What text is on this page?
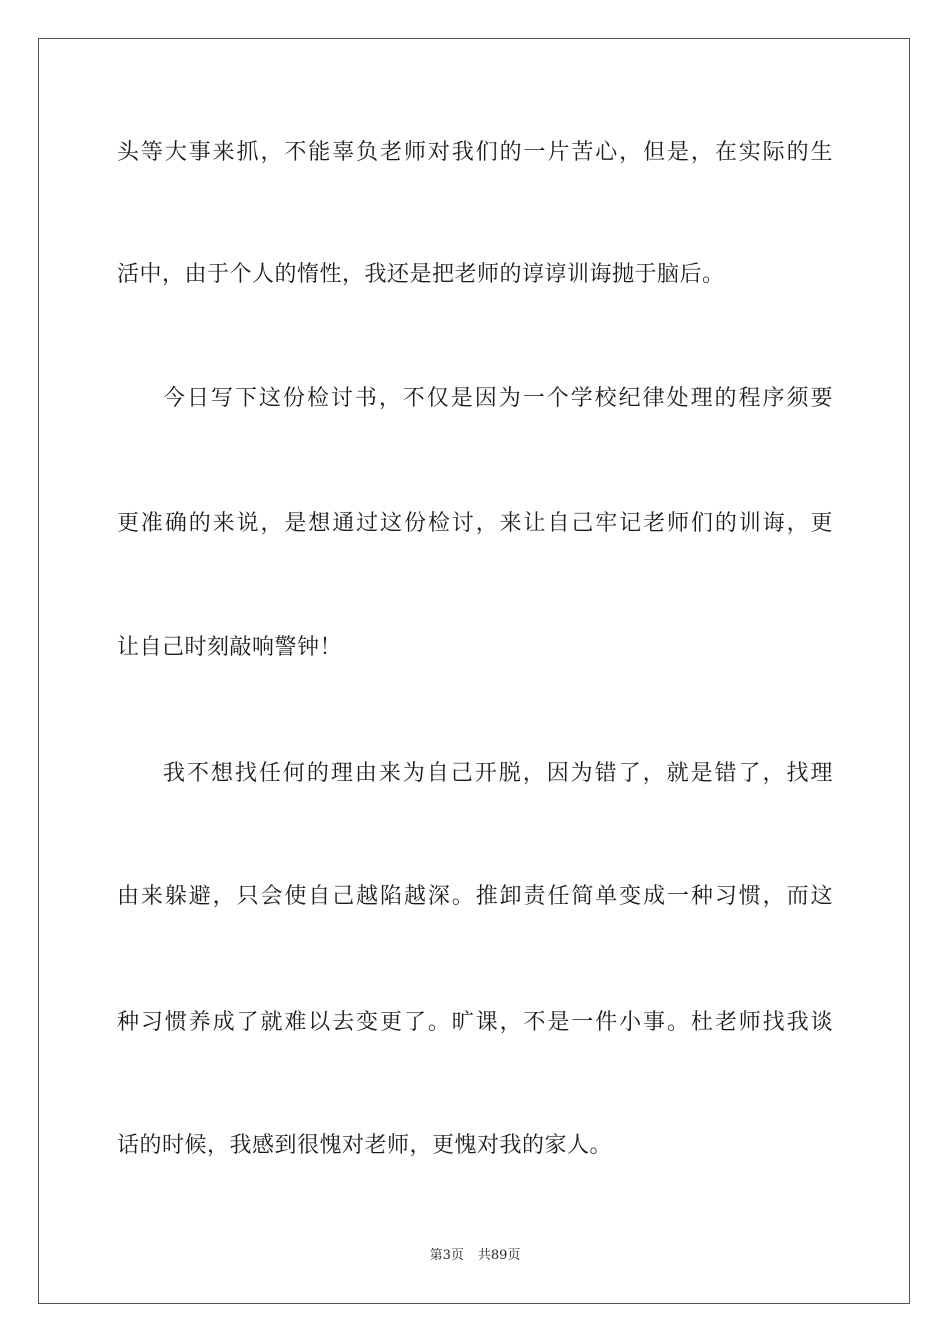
头等大事来抓，不能辜负老师对我们的一片苦心，但是，在实际的生
活中，由于个人的惰性，我还是把老师的谆谆训诲抛于脑后。
今日写下这份检讨书，不仅是因为一个学校纪律处理的程序须要
更准确的来说，是想通过这份检讨，来让自己牢记老师们的训诲，更
让自己时刻敲响警钟！
我不想找任何的理由来为自己开脱，因为错了，就是错了，找理
由来躲避，只会使自己越陷越深。推卸责任简单变成一种习惯，而这
种习惯养成了就难以去变更了。旷课，不是一件小事。杜老师找我谈
话的时候，我感到很愧对老师，更愧对我的家人。
第3页 共89页
